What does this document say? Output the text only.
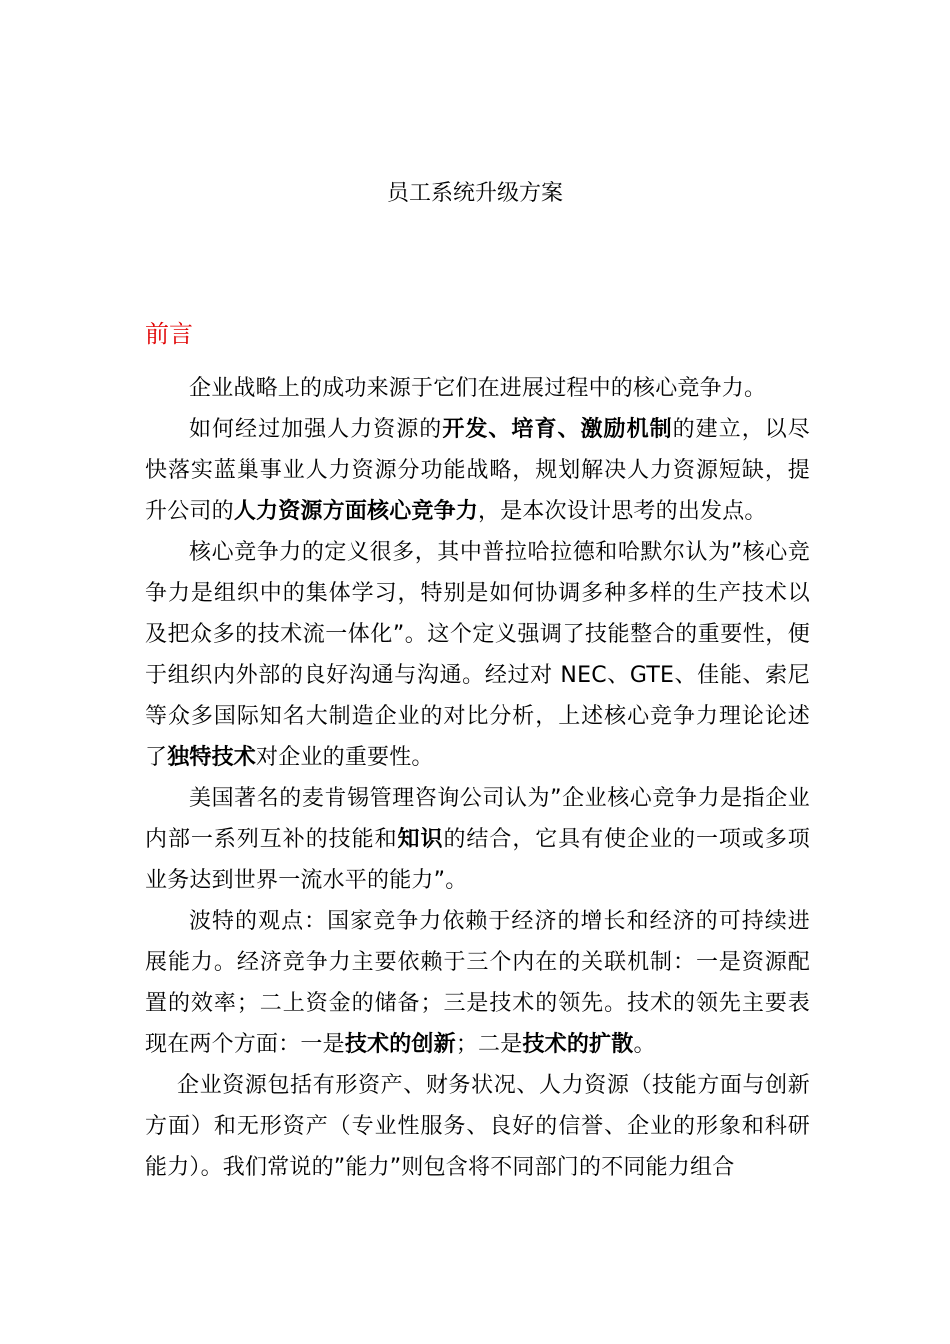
员工系统升级方案
前言

企业战略上的成功来源于它们在进展过程中的核心竞争力。

如何经过加强人力资源的开发、培育、激励机制的建立，以尽快落实蓝巢事业人力资源分功能战略，规划解决人力资源短缺，提升公司的人力资源方面核心竞争力，是本次设计思考的出发点。

核心竞争力的定义很多，其中普拉哈拉德和哈默尔认为”核心竞争力是组织中的集体学习，特别是如何协调多种多样的生产技术以及把众多的技术流一体化”。这个定义强调了技能整合的重要性，便于组织内外部的良好沟通与沟通。经过对 NEC、GTE、佳能、索尼等众多国际知名大制造企业的对比分析，上述核心竞争力理论论述了独特技术对企业的重要性。

美国著名的麦肯锡管理咨询公司认为”企业核心竞争力是指企业内部一系列互补的技能和知识的结合，它具有使企业的一项或多项业务达到世界一流水平的能力”。

波特的观点：国家竞争力依赖于经济的增长和经济的可持续进展能力。经济竞争力主要依赖于三个内在的关联机制：一是资源配置的效率；二上资金的储备；三是技术的领先。技术的领先主要表现在两个方面：一是技术的创新；二是技术的扩散。

企业资源包括有形资产、财务状况、人力资源（技能方面与创新方面）和无形资产（专业性服务、良好的信誉、企业的形象和科研能力）。我们常说的”能力”则包含将不同部门的不同能力组合
